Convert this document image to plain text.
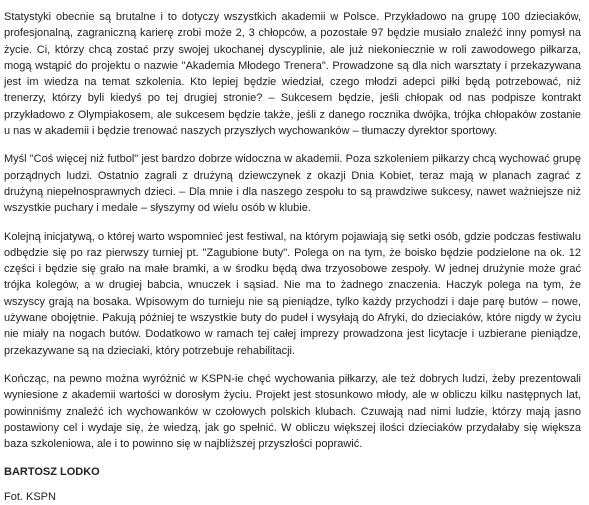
Statystyki obecnie są brutalne i to dotyczy wszystkich akademii w Polsce. Przykładowo na grupę 100 dzieciaków, profesjonalną, zagraniczną karierę zrobi może 2, 3 chłopców, a pozostałe 97 będzie musiało znaleźć inny pomysł na życie. Ci, którzy chcą zostać przy swojej ukochanej dyscyplinie, ale już niekoniecznie w roli zawodowego piłkarza, mogą wstąpić do projektu o nazwie "Akademia Młodego Trenera". Prowadzone są dla nich warsztaty i przekazywana jest im wiedza na temat szkolenia. Kto lepiej będzie wiedział, czego młodzi adepci piłki będą potrzebować, niż trenerzy, którzy byli kiedyś po tej drugiej stronie? – Sukcesem będzie, jeśli chłopak od nas podpisze kontrakt przykładowo z Olympiakosem, ale sukcesem będzie także, jeśli z danego rocznika dwójka, trójka chłopaków zostanie u nas w akademii i będzie trenować naszych przyszłych wychowanków – tłumaczy dyrektor sportowy.

Myśl "Coś więcej niż futbol" jest bardzo dobrze widoczna w akademii. Poza szkoleniem piłkarzy chcą wychować grupę porządnych ludzi. Ostatnio zagrali z drużyną dziewczynek z okazji Dnia Kobiet, teraz mają w planach zagrać z drużyną niepełnosprawnych dzieci. – Dla mnie i dla naszego zespołu to są prawdziwe sukcesy, nawet ważniejsze niż wszystkie puchary i medale – słyszymy od wielu osób w klubie.

Kolejną inicjatywą, o której warto wspomnieć jest festiwal, na którym pojawiają się setki osób, gdzie podczas festiwalu odbędzie się po raz pierwszy turniej pt. "Zagubione buty". Polega on na tym, że boisko będzie podzielone na ok. 12 części i będzie się grało na małe bramki, a w środku będą dwa trzyosobowe zespoły. W jednej drużynie może grać trójka kolegów, a w drugiej babcia, wnuczek i sąsiad. Nie ma to żadnego znaczenia. Haczyk polega na tym, że wszyscy grają na bosaka. Wpisowym do turnieju nie są pieniądze, tylko każdy przychodzi i daje parę butów – nowe, używane obojętnie. Pakują później te wszystkie buty do pudeł i wysyłają do Afryki, do dzieciaków, które nigdy w życiu nie miały na nogach butów. Dodatkowo w ramach tej całej imprezy prowadzona jest licytacje i uzbierane pieniądze, przekazywane są na dzieciaki, który potrzebuje rehabilitacji.

Kończąc, na pewno można wyróżnić w KSPN-ie chęć wychowania piłkarzy, ale też dobrych ludzi, żeby prezentowali wyniesione z akademii wartości w dorosłym życiu. Projekt jest stosunkowo młody, ale w obliczu kilku następnych lat, powinniśmy znaleźć ich wychowanków w czołowych polskich klubach. Czuwają nad nimi ludzie, którzy mają jasno postawiony cel i wydaje się, że wiedzą, jak go spełnić. W obliczu większej ilości dzieciaków przydałaby się większa baza szkoleniowa, ale i to powinno się w najbliższej przyszłości poprawić.

BARTOSZ LODKO

Fot. KSPN
